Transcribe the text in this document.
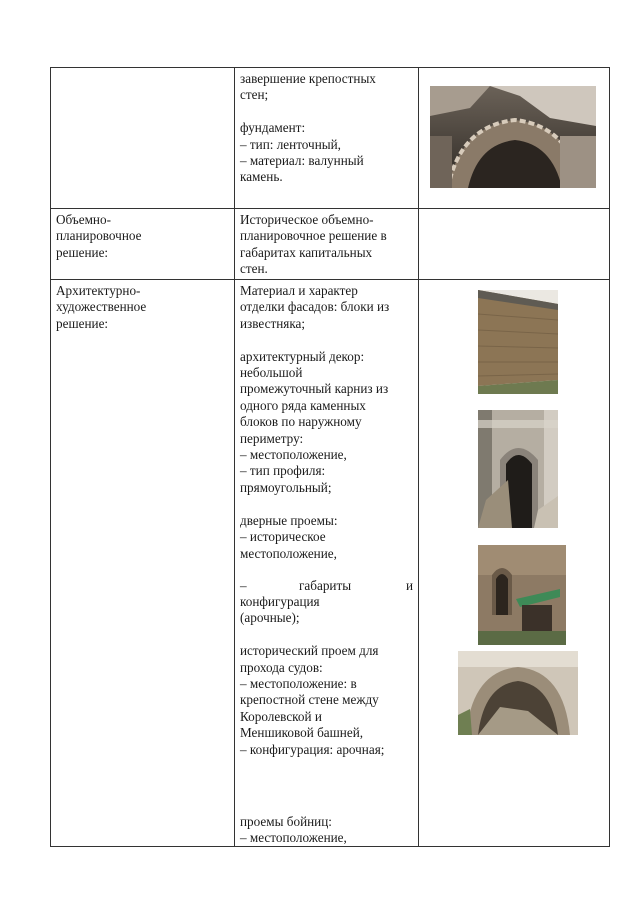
завершение крепостных
стен;

фундамент:
– тип: ленточный,
– материал: валунный
камень.
Объемно-
планировочное
решение:
Историческое объемно-
планировочное решение в
габаритах капитальных
стен.
Архитектурно-
художественное
решение:
Материал и характер
отделки фасадов: блоки из
известняка;

архитектурный декор:
небольшой
промежуточный карниз из
одного ряда каменных
блоков по наружному
периметру:
– местоположение,
– тип профиля:
прямоугольный;

дверные проемы:
– историческое
местоположение,
–	габариты	и
конфигурация
(арочные);

исторический проем для
прохода судов:
– местоположение: в
крепостной стене между
Королевской и
Меншиковой башней,
– конфигурация: арочная;
проемы бойниц:
– местоположение,
